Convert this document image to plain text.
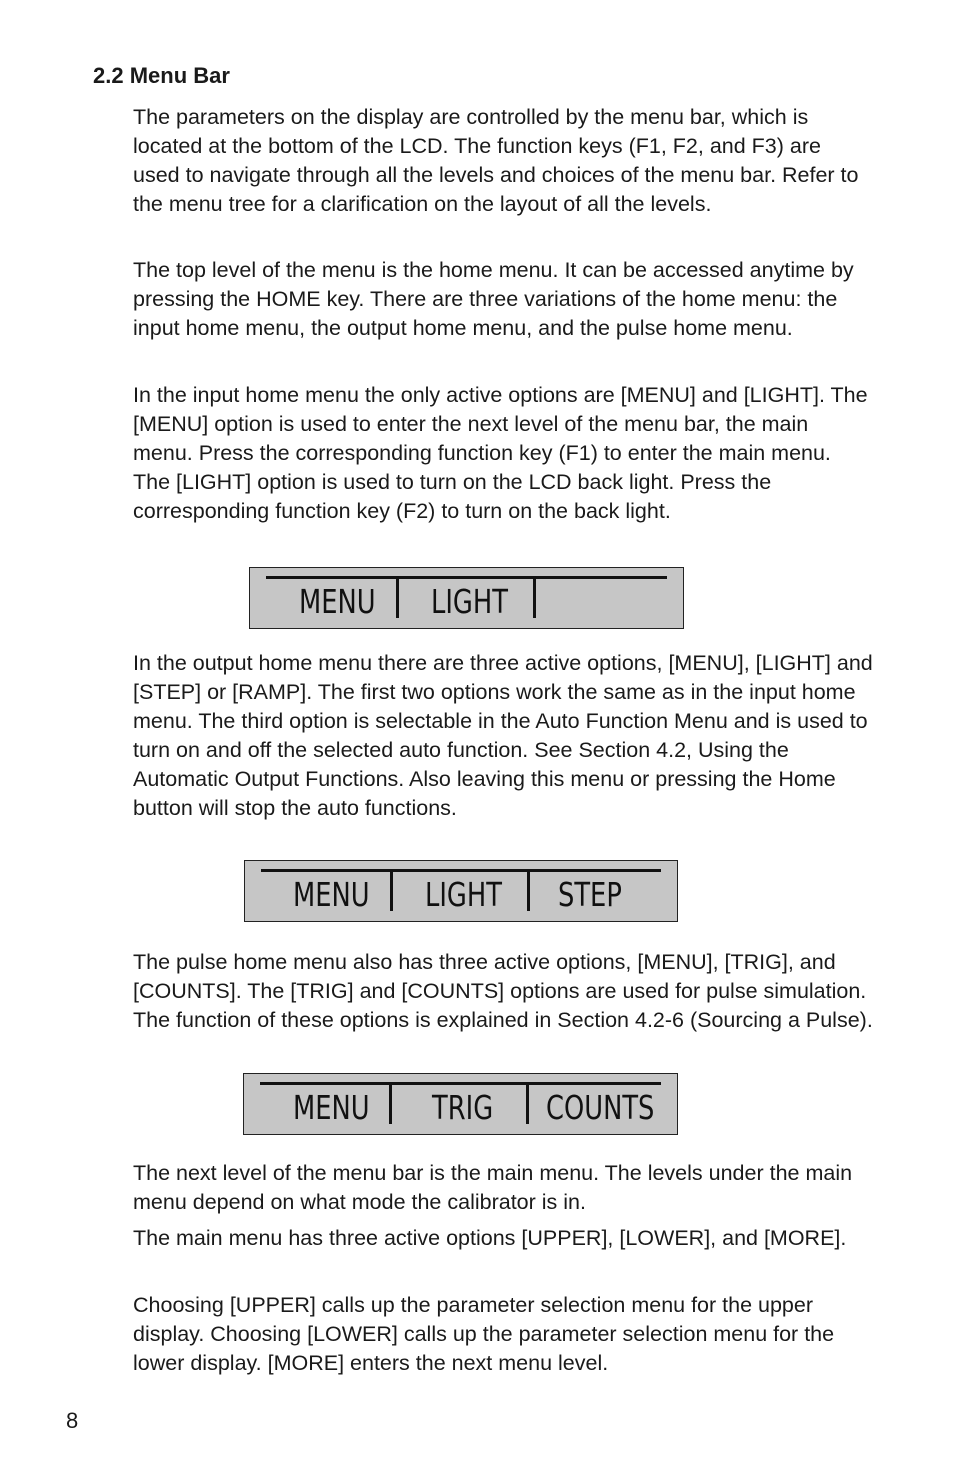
2.2 Menu Bar

The parameters on the display are controlled by the menu bar, which is located at the bottom of the LCD. The function keys (F1, F2, and F3) are used to navigate through all the levels and choices of the menu bar. Refer to the menu tree for a clarification on the layout of all the levels.

The top level of the menu is the home menu. It can be accessed anytime by pressing the HOME key. There are three variations of the home menu: the input home menu, the output home menu, and the pulse home menu.

In the input home menu the only active options are [MENU] and [LIGHT]. The [MENU] option is used to enter the next level of the menu bar, the main menu. Press the corresponding function key (F1) to enter the main menu. The [LIGHT] option is used to turn on the LCD back light. Press the corresponding function key (F2) to turn on the back light.

MENU LIGHT

In the output home menu there are three active options, [MENU], [LIGHT] and [STEP] or [RAMP]. The first two options work the same as in the input home menu. The third option is selectable in the Auto Function Menu and is used to turn on and off the selected auto function. See Section 4.2, Using the Automatic Output Functions. Also leaving this menu or pressing the Home button will stop the auto functions.

MENU LIGHT STEP

The pulse home menu also has three active options, [MENU], [TRIG], and [COUNTS]. The [TRIG] and [COUNTS] options are used for pulse simulation. The function of these options is explained in Section 4.2-6 (Sourcing a Pulse).

MENU TRIG COUNTS

The next level of the menu bar is the main menu. The levels under the main menu depend on what mode the calibrator is in.

The main menu has three active options [UPPER], [LOWER], and [MORE].

Choosing [UPPER] calls up the parameter selection menu for the upper display. Choosing [LOWER] calls up the parameter selection menu for the lower display. [MORE] enters the next menu level.

8
